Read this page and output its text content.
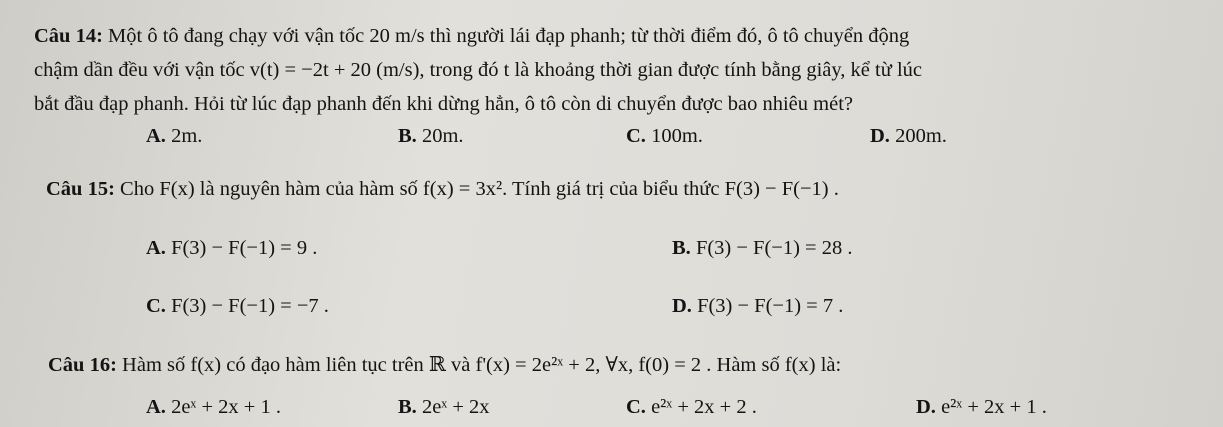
Câu 14: Một ô tô đang chạy với vận tốc 20 m/s thì người lái đạp phanh; từ thời điểm đó, ô tô chuyển động
chậm dần đều với vận tốc v(t) = −2t + 20 (m/s), trong đó t là khoảng thời gian được tính bằng giây, kể từ lúc
bắt đầu đạp phanh. Hỏi từ lúc đạp phanh đến khi dừng hẳn, ô tô còn di chuyển được bao nhiêu mét?
A. 2m.	B. 20m.	C. 100m.	D. 200m.
Câu 15: Cho F(x) là nguyên hàm của hàm số f(x) = 3x². Tính giá trị của biểu thức F(3) − F(−1) .
A. F(3) − F(−1) = 9 .	B. F(3) − F(−1) = 28 .
C. F(3) − F(−1) = −7 .	D. F(3) − F(−1) = 7 .
Câu 16: Hàm số f(x) có đạo hàm liên tục trên ℝ và f'(x) = 2e²ˣ + 2, ∀x, f(0) = 2 . Hàm số f(x) là:
A. 2eˣ + 2x + 1 .	B. 2eˣ + 2x	C. e²ˣ + 2x + 2 .	D. e²ˣ + 2x + 1 .
